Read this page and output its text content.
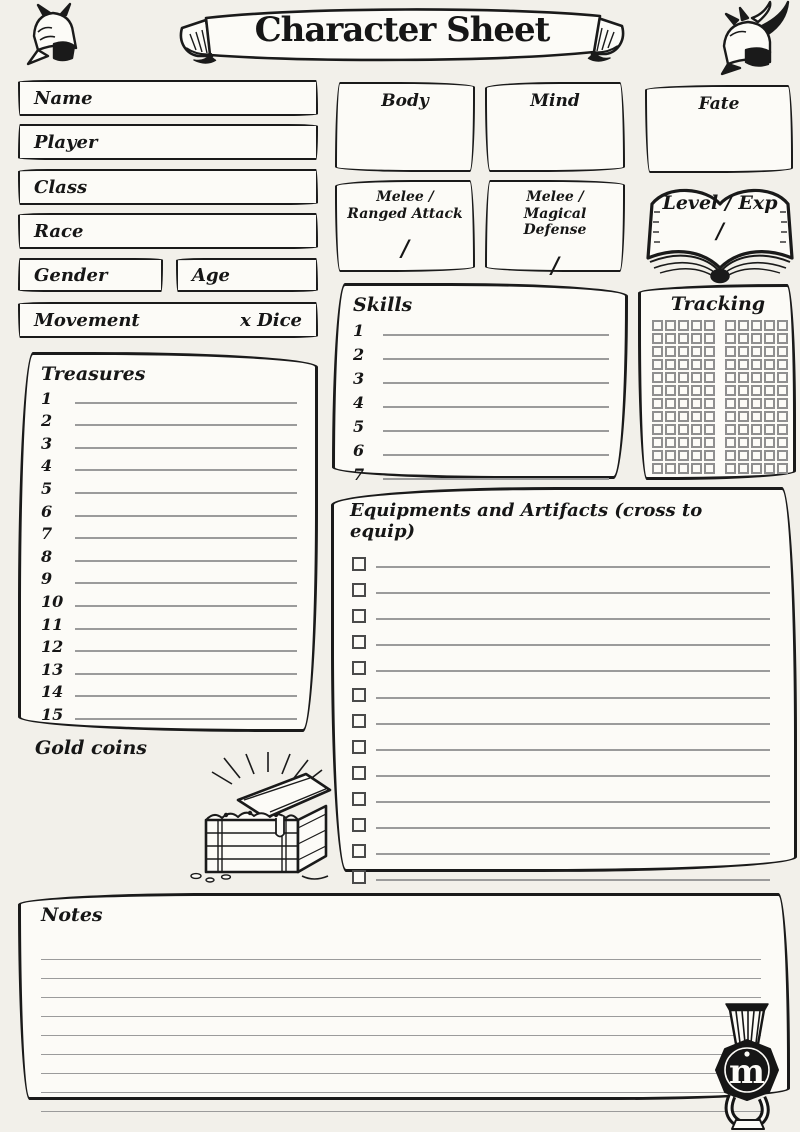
Character Sheet
Name
Player
Class
Race
Gender	Age
Movement	x Dice
Body	Mind	Fate
Melee / Ranged Attack
/
Melee / Magical Defense
/
Level / Exp
/
Skills
1
2
3
4
5
6
7
Tracking
Treasures
1
2
3
4
5
6
7
8
9
10
11
12
13
14
15
Gold coins
Equipments and Artifacts (cross to equip)
Notes
m
